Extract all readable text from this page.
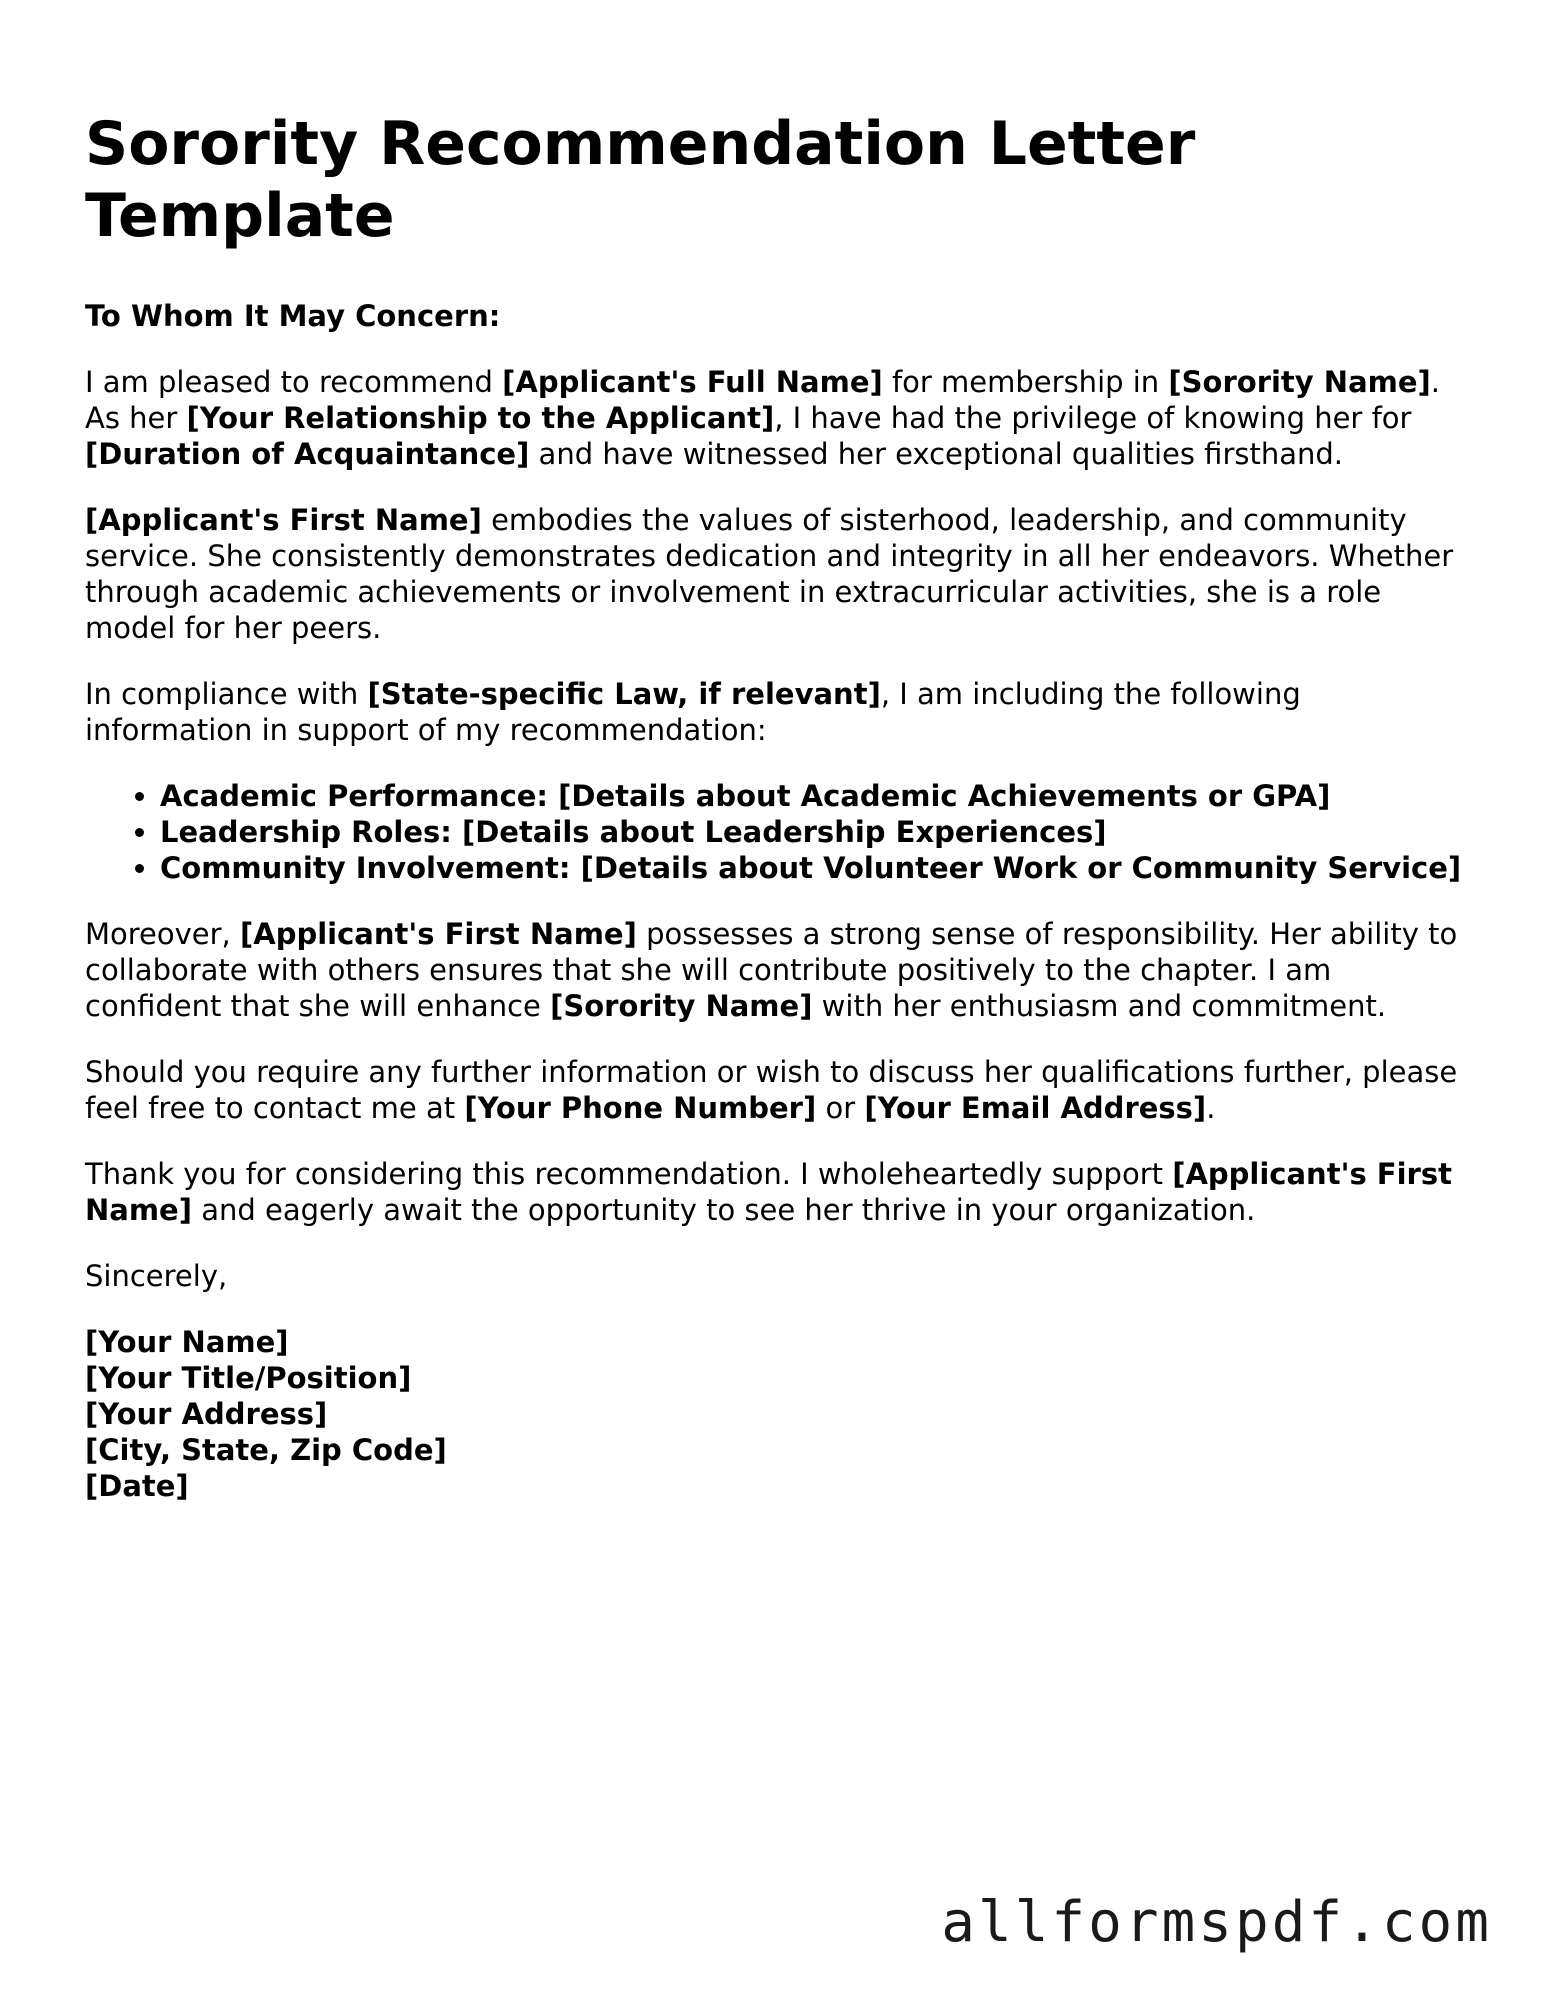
Sorority Recommendation Letter Template

To Whom It May Concern:

I am pleased to recommend [Applicant's Full Name] for membership in [Sorority Name]. As her [Your Relationship to the Applicant], I have had the privilege of knowing her for [Duration of Acquaintance] and have witnessed her exceptional qualities firsthand.

[Applicant's First Name] embodies the values of sisterhood, leadership, and community service. She consistently demonstrates dedication and integrity in all her endeavors. Whether through academic achievements or involvement in extracurricular activities, she is a role model for her peers.

In compliance with [State-specific Law, if relevant], I am including the following information in support of my recommendation:

• Academic Performance: [Details about Academic Achievements or GPA]
• Leadership Roles: [Details about Leadership Experiences]
• Community Involvement: [Details about Volunteer Work or Community Service]

Moreover, [Applicant's First Name] possesses a strong sense of responsibility. Her ability to collaborate with others ensures that she will contribute positively to the chapter. I am confident that she will enhance [Sorority Name] with her enthusiasm and commitment.

Should you require any further information or wish to discuss her qualifications further, please feel free to contact me at [Your Phone Number] or [Your Email Address].

Thank you for considering this recommendation. I wholeheartedly support [Applicant's First Name] and eagerly await the opportunity to see her thrive in your organization.

Sincerely,

[Your Name]
[Your Title/Position]
[Your Address]
[City, State, Zip Code]
[Date]
allformspdf.com
